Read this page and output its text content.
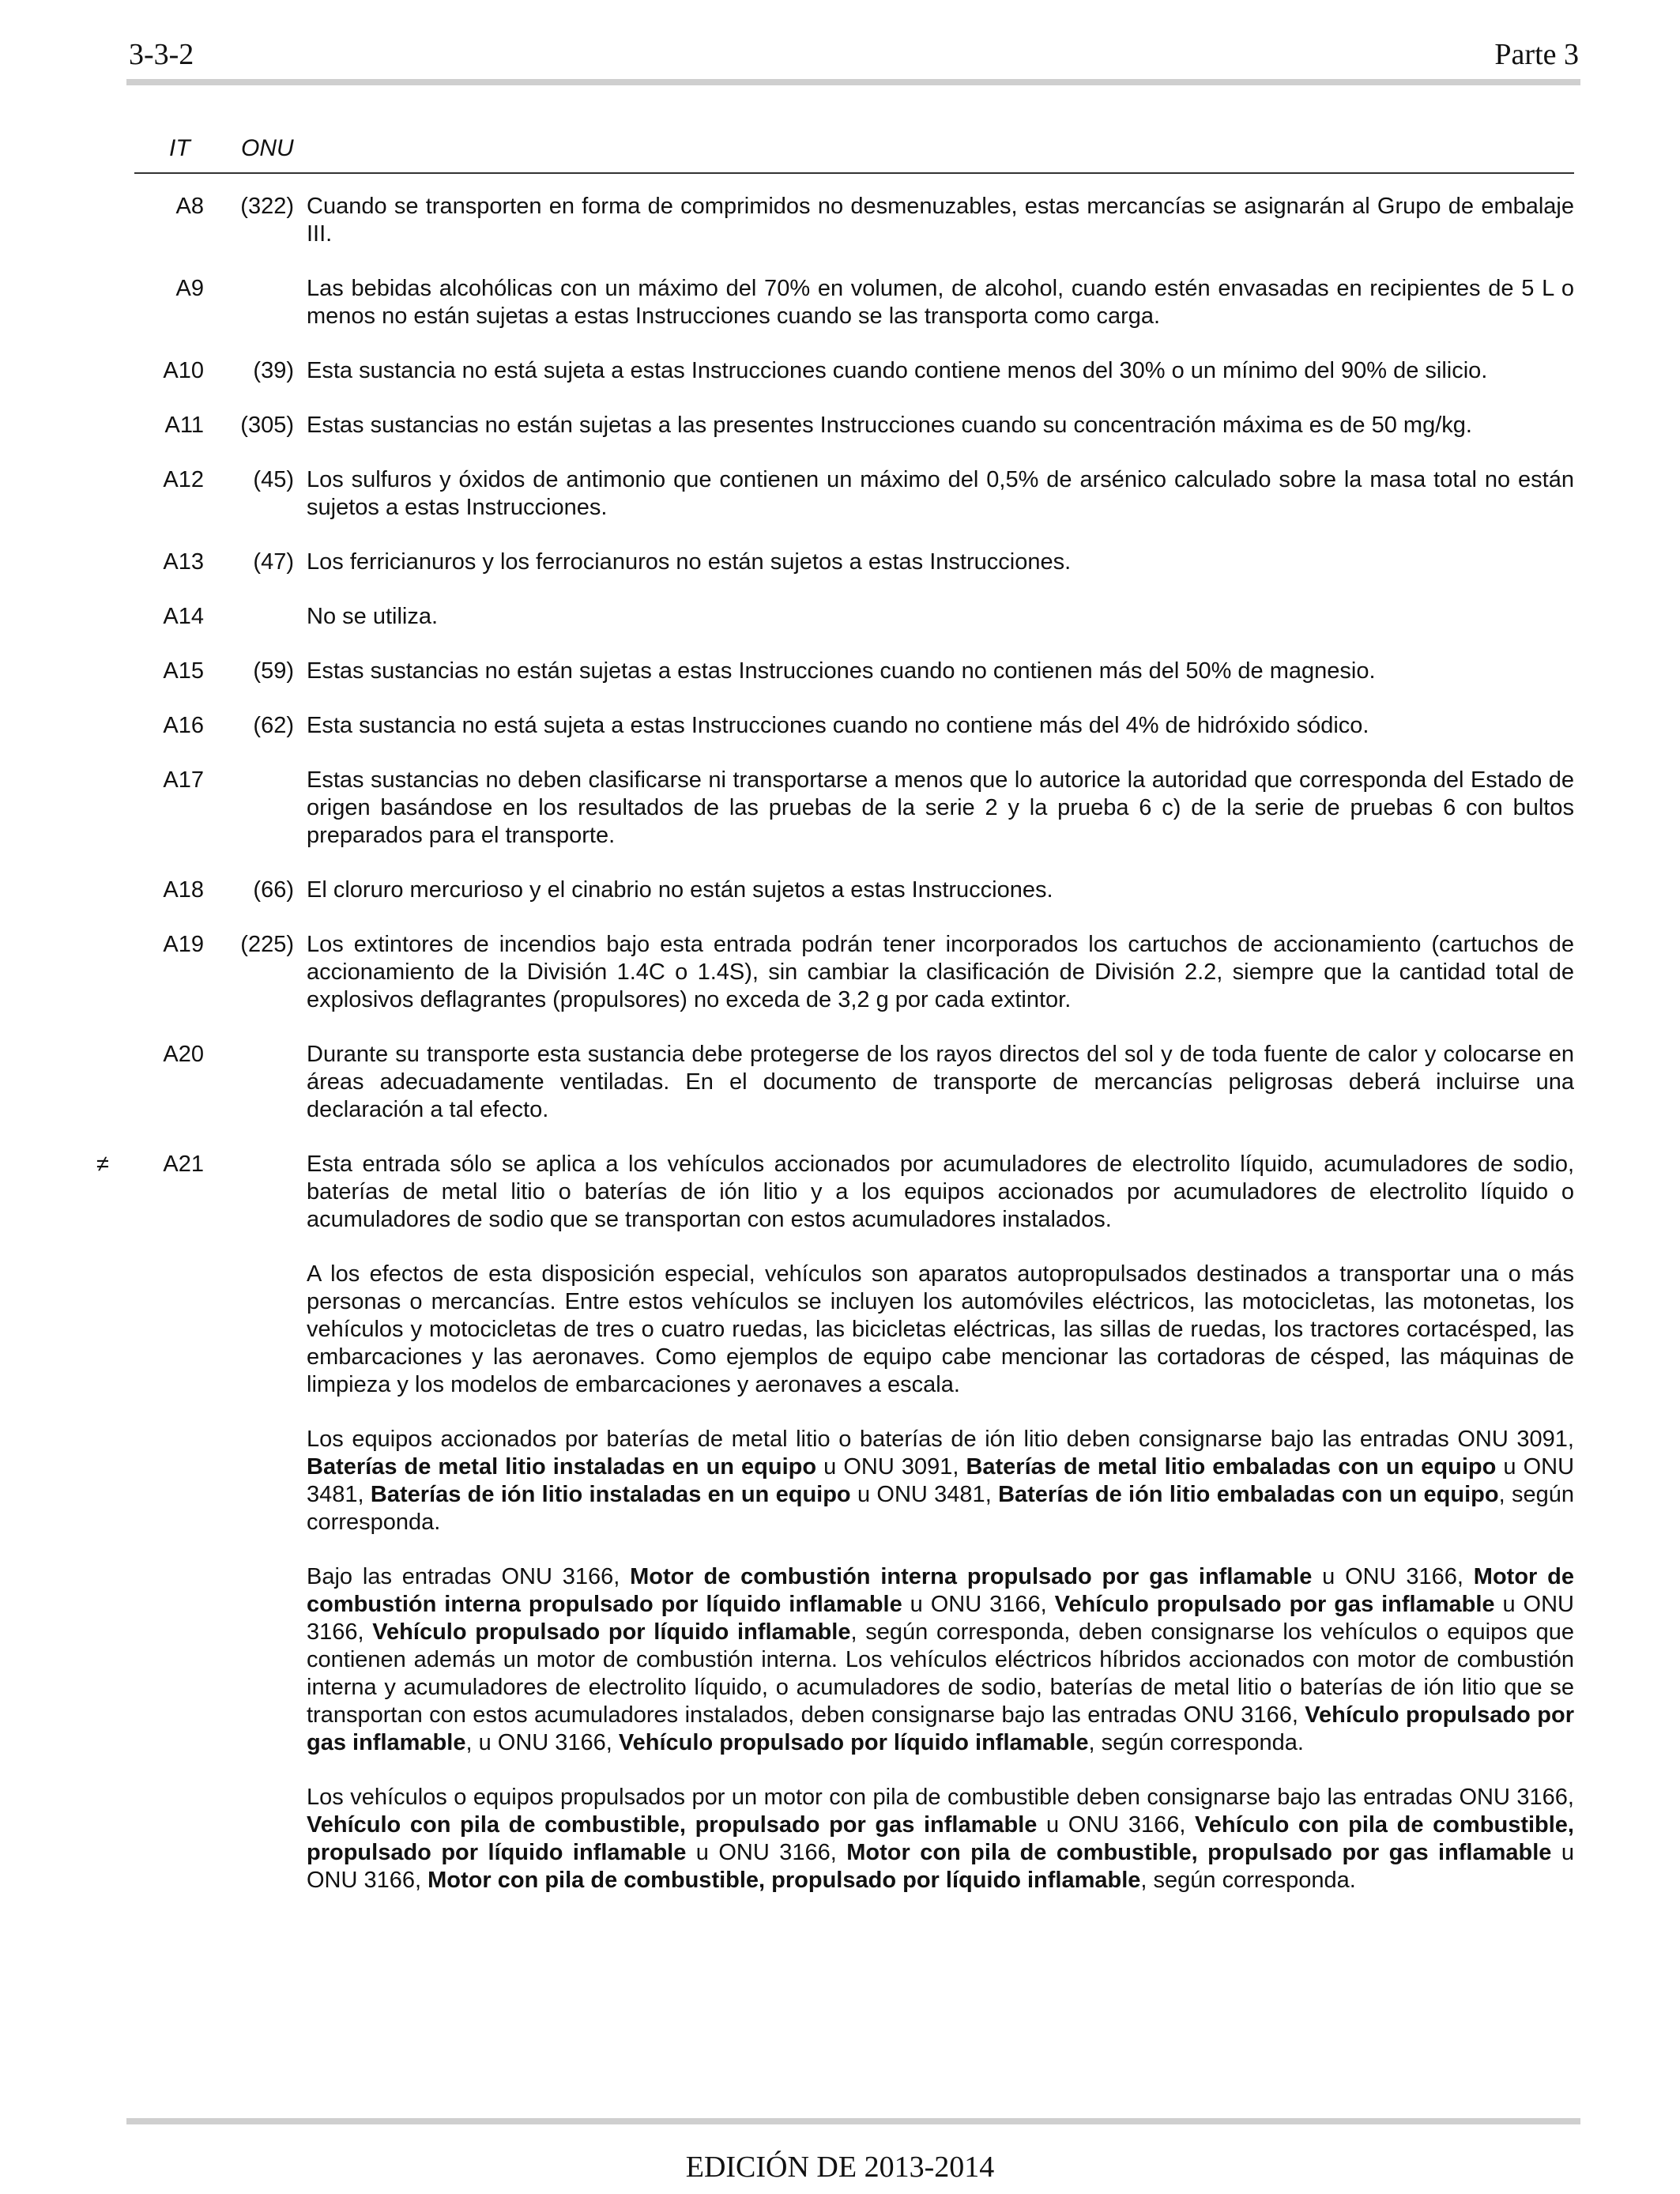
3-3-2	Parte 3
IT ONU
A8	(322) Cuando se transporten en forma de comprimidos no desmenuzables, estas mercancías se asignarán al Grupo de embalaje III.

A9	Las bebidas alcohólicas con un máximo del 70% en volumen, de alcohol, cuando estén envasadas en recipientes de 5 L o menos no están sujetas a estas Instrucciones cuando se las transporta como carga.

A10	(39) Esta sustancia no está sujeta a estas Instrucciones cuando contiene menos del 30% o un mínimo del 90% de silicio.

A11	(305) Estas sustancias no están sujetas a las presentes Instrucciones cuando su concentración máxima es de 50 mg/kg.

A12	(45) Los sulfuros y óxidos de antimonio que contienen un máximo del 0,5% de arsénico calculado sobre la masa total no están sujetos a estas Instrucciones.

A13	(47) Los ferricianuros y los ferrocianuros no están sujetos a estas Instrucciones.

A14	No se utiliza.

A15	(59) Estas sustancias no están sujetas a estas Instrucciones cuando no contienen más del 50% de magnesio.

A16	(62) Esta sustancia no está sujeta a estas Instrucciones cuando no contiene más del 4% de hidróxido sódico.

A17	Estas sustancias no deben clasificarse ni transportarse a menos que lo autorice la autoridad que corresponda del Estado de origen basándose en los resultados de las pruebas de la serie 2 y la prueba 6 c) de la serie de pruebas 6 con bultos preparados para el transporte.

A18	(66) El cloruro mercurioso y el cinabrio no están sujetos a estas Instrucciones.

A19	(225) Los extintores de incendios bajo esta entrada podrán tener incorporados los cartuchos de accionamiento (cartuchos de accionamiento de la División 1.4C o 1.4S), sin cambiar la clasificación de División 2.2, siempre que la cantidad total de explosivos deflagrantes (propulsores) no exceda de 3,2 g por cada extintor.

A20	Durante su transporte esta sustancia debe protegerse de los rayos directos del sol y de toda fuente de calor y colocarse en áreas adecuadamente ventiladas. En el documento de transporte de mercancías peligrosas deberá incluirse una declaración a tal efecto.

≠	A21	Esta entrada sólo se aplica a los vehículos accionados por acumuladores de electrolito líquido, acumuladores de sodio, baterías de metal litio o baterías de ión litio y a los equipos accionados por acumuladores de electrolito líquido o acumuladores de sodio que se transportan con estos acumuladores instalados.

A los efectos de esta disposición especial, vehículos son aparatos autopropulsados destinados a transportar una o más personas o mercancías. Entre estos vehículos se incluyen los automóviles eléctricos, las motocicletas, las motonetas, los vehículos y motocicletas de tres o cuatro ruedas, las bicicletas eléctricas, las sillas de ruedas, los tractores cortacésped, las embarcaciones y las aeronaves. Como ejemplos de equipo cabe mencionar las cortadoras de césped, las máquinas de limpieza y los modelos de embarcaciones y aeronaves a escala.

Los equipos accionados por baterías de metal litio o baterías de ión litio deben consignarse bajo las entradas ONU 3091, Baterías de metal litio instaladas en un equipo u ONU 3091, Baterías de metal litio embaladas con un equipo u ONU 3481, Baterías de ión litio instaladas en un equipo u ONU 3481, Baterías de ión litio embaladas con un equipo, según corresponda.

Bajo las entradas ONU 3166, Motor de combustión interna propulsado por gas inflamable u ONU 3166, Motor de combustión interna propulsado por líquido inflamable u ONU 3166, Vehículo propulsado por gas inflamable u ONU 3166, Vehículo propulsado por líquido inflamable, según corresponda, deben consignarse los vehículos o equipos que contienen además un motor de combustión interna. Los vehículos eléctricos híbridos accionados con motor de combustión interna y acumuladores de electrolito líquido, o acumuladores de sodio, baterías de metal litio o baterías de ión litio que se transportan con estos acumuladores instalados, deben consignarse bajo las entradas ONU 3166, Vehículo propulsado por gas inflamable, u ONU 3166, Vehículo propulsado por líquido inflamable, según corresponda.

Los vehículos o equipos propulsados por un motor con pila de combustible deben consignarse bajo las entradas ONU 3166, Vehículo con pila de combustible, propulsado por gas inflamable u ONU 3166, Vehículo con pila de combustible, propulsado por líquido inflamable u ONU 3166, Motor con pila de combustible, propulsado por gas inflamable u ONU 3166, Motor con pila de combustible, propulsado por líquido inflamable, según corresponda.

EDICIÓN DE 2013-2014
